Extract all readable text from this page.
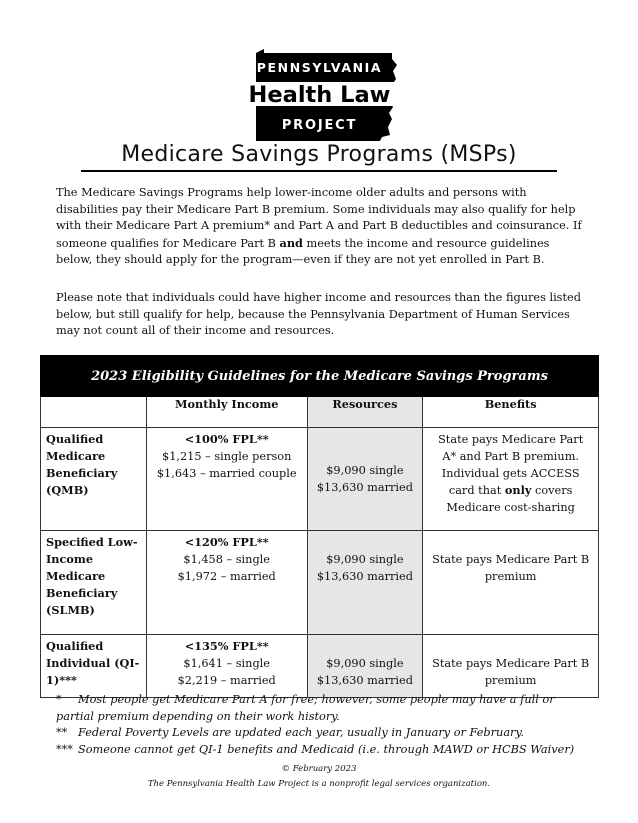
PENNSYLVANIA
Health Law
PROJECT
Medicare Savings Programs (MSPs)

The Medicare Savings Programs help lower-income older adults and persons with disabilities pay their Medicare Part B premium. Some individuals may also qualify for help with their Medicare Part A premium* and Part A and Part B deductibles and coinsurance. If someone qualifies for Medicare Part B and meets the income and resource guidelines below, they should apply for the program—even if they are not yet enrolled in Part B.

Please note that individuals could have higher income and resources than the figures listed below, but still qualify for help, because the Pennsylvania Department of Human Services may not count all of their income and resources.

2023 Eligibility Guidelines for the Medicare Savings Programs			
	Monthly Income	Resources	Benefits
Qualified Medicare Beneficiary (QMB)	<100% FPL**
$1,215 – single person
$1,643 – married couple	$9,090 single
$13,630 married	State pays Medicare Part A* and Part B premium. Individual gets ACCESS card that only covers Medicare cost-sharing
Specified Low-Income Medicare Beneficiary (SLMB)	<120% FPL**
$1,458 – single
$1,972 – married	$9,090 single
$13,630 married	State pays Medicare Part B premium
Qualified Individual (QI-1)***	<135% FPL**
$1,641 – single
$2,219 – married	$9,090 single
$13,630 married	State pays Medicare Part B premium
* Most people get Medicare Part A for free; however, some people may have a full or partial premium depending on their work history.
** Federal Poverty Levels are updated each year, usually in January or February.
*** Someone cannot get QI-1 benefits and Medicaid (i.e. through MAWD or HCBS Waiver)
© February 2023
The Pennsylvania Health Law Project is a nonprofit legal services organization.
